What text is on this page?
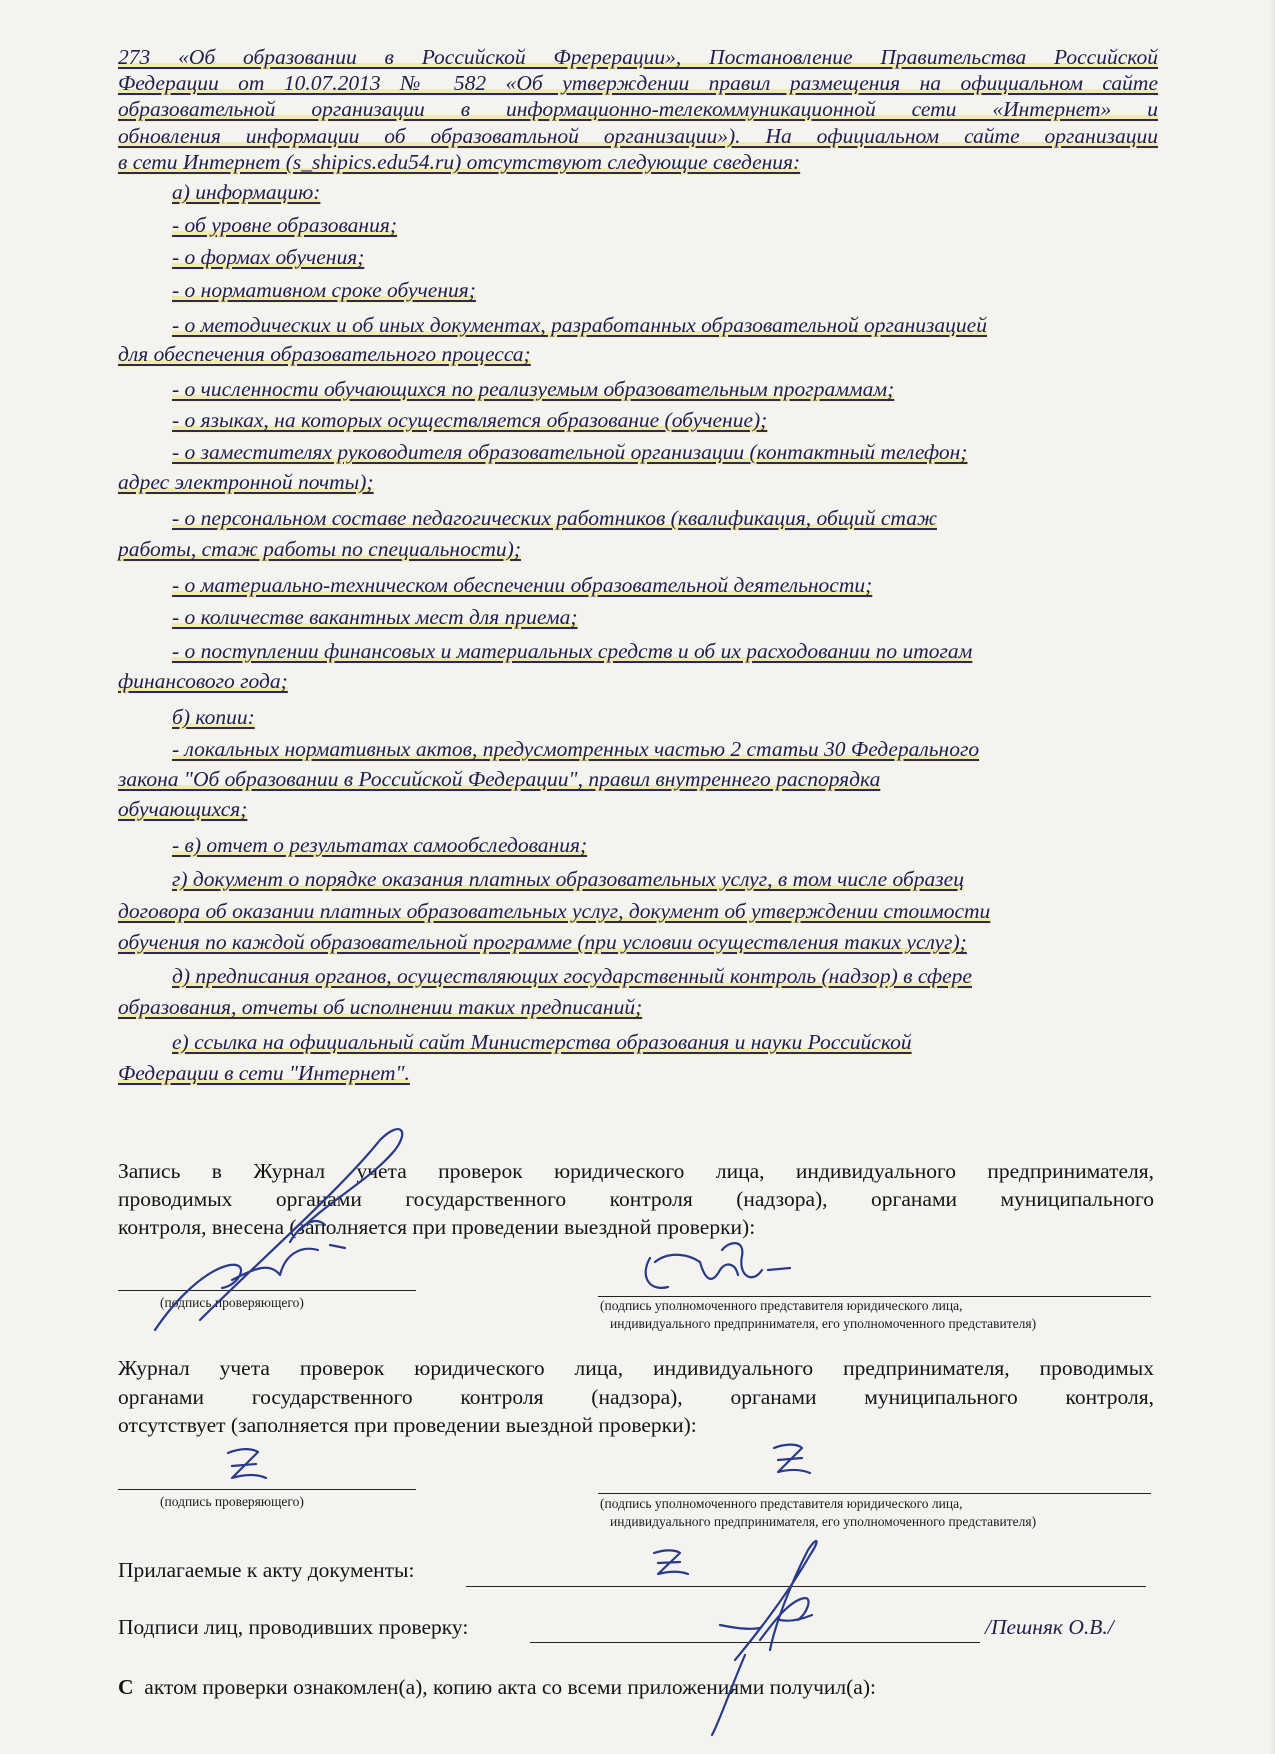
273 «Об образовании в Российской Фререрации», Постановление Правительства Российской
Федерации от 10.07.2013 № 582 «Об утверждении правил размещения на официальном сайте
образовательной организации в информационно-телекоммуникационной сети «Интернет» и
обновления информации об образоватльной организации»). На официальном сайте организации
в сети Интернет (s_shipics.edu54.ru) отсутствуют следующие сведения:
а) информацию:
- об уровне образования;
- о формах обучения;
- о нормативном сроке обучения;
- о методических и об иных документах, разработанных образовательной организацией
для обеспечения образовательного процесса;
- о численности обучающихся по реализуемым образовательным программам;
- о языках, на которых осуществляется образование (обучение);
- о заместителях руководителя образовательной организации (контактный телефон;
адрес электронной почты);
- о персональном составе педагогических работников (квалификация, общий стаж
работы, стаж работы по специальности);
- о материально-техническом обеспечении образовательной деятельности;
- о количестве вакантных мест для приема;
- о поступлении финансовых и материальных средств и об их расходовании по итогам
финансового года;
б) копии:
- локальных нормативных актов, предусмотренных частью 2 статьи 30 Федерального
закона "Об образовании в Российской Федерации", правил внутреннего распорядка
обучающихся;
- в) отчет о результатах самообследования;
г) документ о порядке оказания платных образовательных услуг, в том числе образец
договора об оказании платных образовательных услуг, документ об утверждении стоимости
обучения по каждой образовательной программе (при условии осуществления таких услуг);
д) предписания органов, осуществляющих государственный контроль (надзор) в сфере
образования, отчеты об исполнении таких предписаний;
е) ссылка на официальный сайт Министерства образования и науки Российской
Федерации в сети "Интернет".
Запись в Журнал учета проверок юридического лица, индивидуального предпринимателя,
проводимых органами государственного контроля (надзора), органами муниципального
контроля, внесена (заполняется при проведении выездной проверки):
(подпись проверяющего)	(подпись уполномоченного представителя юридического лица,
индивидуального предпринимателя, его уполномоченного представителя)
Журнал учета проверок юридического лица, индивидуального предпринимателя, проводимых
органами государственного контроля (надзора), органами муниципального контроля,
отсутствует (заполняется при проведении выездной проверки):
(подпись проверяющего)	(подпись уполномоченного представителя юридического лица,
индивидуального предпринимателя, его уполномоченного представителя)
Прилагаемые к акту документы:
Подписи лиц, проводивших проверку:	/Пешняк О.В./
С актом проверки ознакомлен(а), копию акта со всеми приложениями получил(а):
